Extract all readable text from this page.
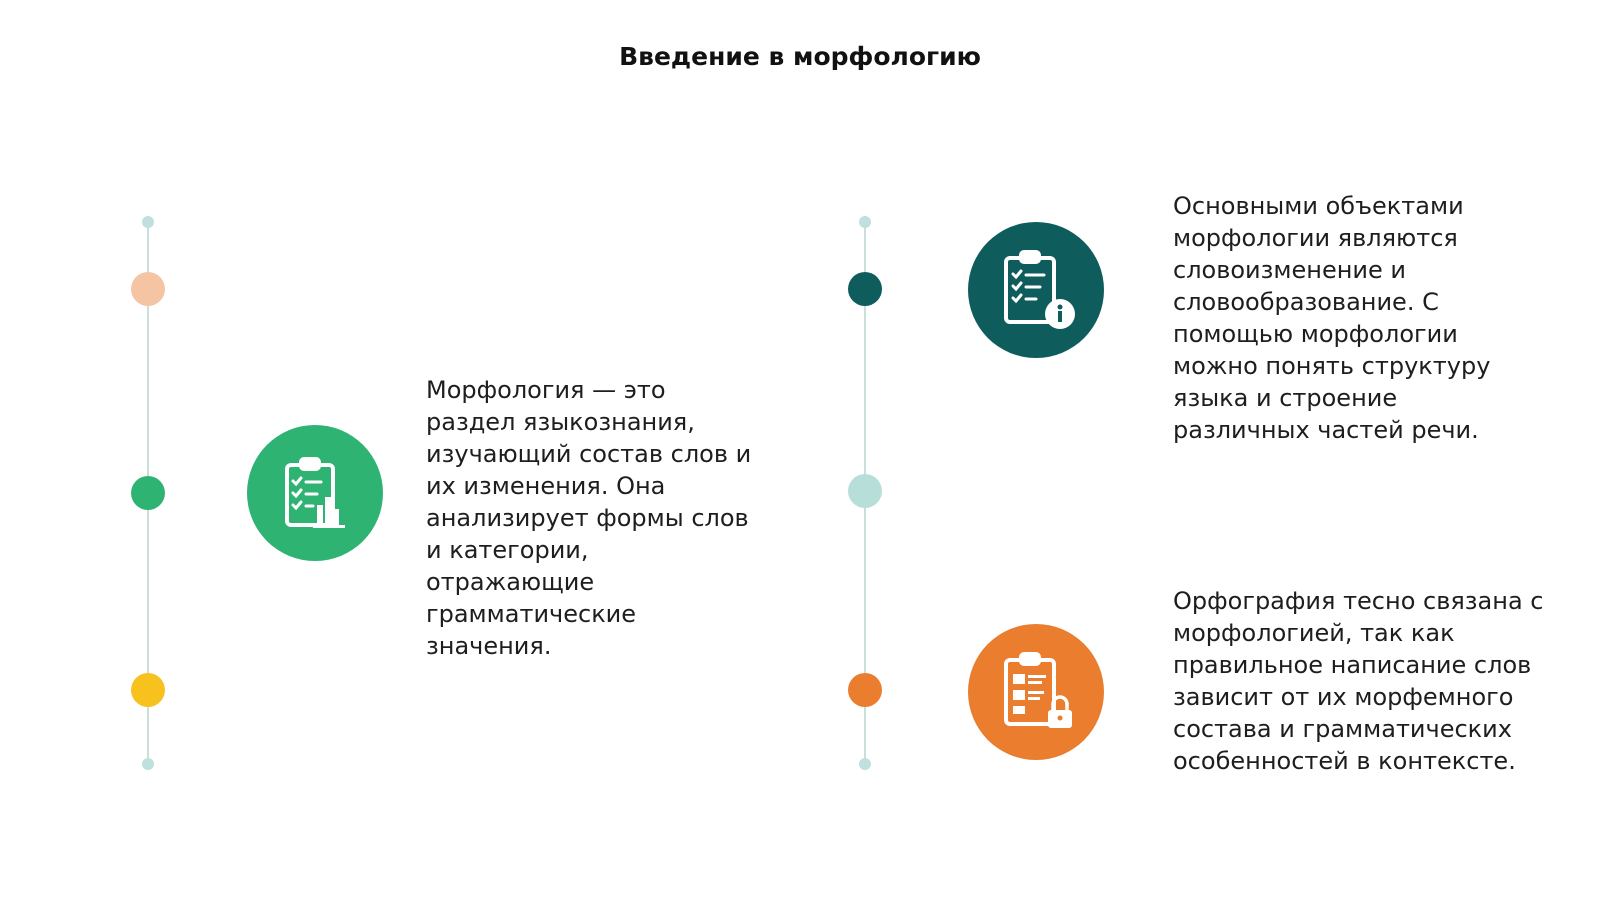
Введение в морфологию
Морфология — это раздел языкознания, изучающий состав слов и их изменения. Она анализирует формы слов и категории, отражающие грамматические значения.
Основными объектами морфологии являются словоизменение и словообразование. С помощью морфологии можно понять структуру языка и строение различных частей речи.
Орфография тесно связана с морфологией, так как правильное написание слов зависит от их морфемного состава и грамматических особенностей в контексте.
